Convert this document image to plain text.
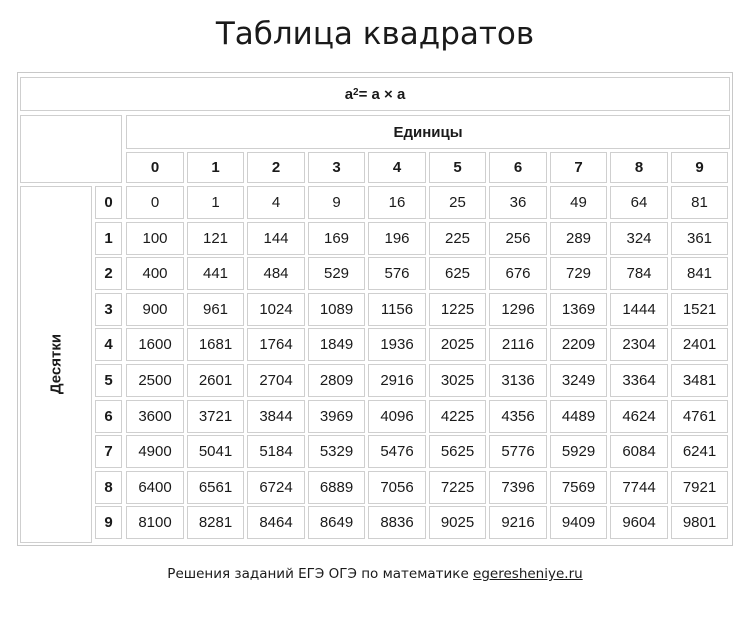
Таблица квадратов
$a^2 = a \times a$
Единицы
Десятки
0	1	2	3	4	5	6	7	8	9
0	0	1	4	9	16	25	36	49	64	81
1	100	121	144	169	196	225	256	289	324	361
2	400	441	484	529	576	625	676	729	784	841
3	900	961	1024	1089	1156	1225	1296	1369	1444	1521
4	1600	1681	1764	1849	1936	2025	2116	2209	2304	2401
5	2500	2601	2704	2809	2916	3025	3136	3249	3364	3481
6	3600	3721	3844	3969	4096	4225	4356	4489	4624	4761
7	4900	5041	5184	5329	5476	5625	5776	5929	6084	6241
8	6400	6561	6724	6889	7056	7225	7396	7569	7744	7921
9	8100	8281	8464	8649	8836	9025	9216	9409	9604	9801
Решения заданий ЕГЭ ОГЭ по математике egeresheniye.ru
